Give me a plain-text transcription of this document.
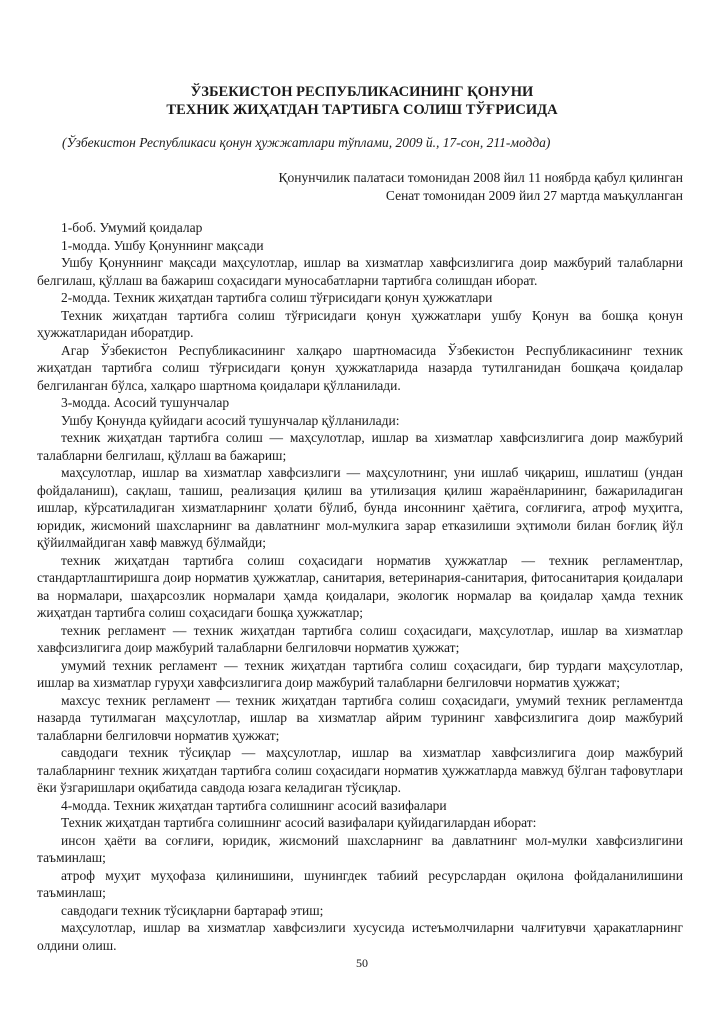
ЎЗБЕКИСТОН РЕСПУБЛИКАСИНИНГ ҚОНУНИ
ТЕХНИК ЖИҲАТДАН ТАРТИБГА СОЛИШ ТЎҒРИСИДА
(Ўзбекистон Республикаси қонун ҳужжатлари тўплами, 2009 й., 17-сон, 211-модда)
Қонунчилик палатаси томонидан 2008 йил 11 ноябрда қабул қилинган
Сенат томонидан 2009 йил 27 мартда маъқулланган

1-боб. Умумий қоидалар

1-модда. Ушбу Қонуннинг мақсади

Ушбу Қонуннинг мақсади маҳсулотлар, ишлар ва хизматлар хавфсизлигига доир мажбурий талабларни белгилаш, қўллаш ва бажариш соҳасидаги муносабатларни тартибга солишдан иборат.

2-модда. Техник жиҳатдан тартибга солиш тўғрисидаги қонун ҳужжатлари

Техник жиҳатдан тартибга солиш тўғрисидаги қонун ҳужжатлари ушбу Қонун ва бошқа қонун ҳужжатларидан иборатдир.

Агар Ўзбекистон Республикасининг халқаро шартномасида Ўзбекистон Республикасининг техник жиҳатдан тартибга солиш тўғрисидаги қонун ҳужжатларида назарда тутилганидан бошқача қоидалар белгиланган бўлса, халқаро шартнома қоидалари қўлланилади.

3-модда. Асосий тушунчалар

Ушбу Қонунда қуйидаги асосий тушунчалар қўлланилади:

техник жиҳатдан тартибга солиш — маҳсулотлар, ишлар ва хизматлар хавфсизлигига доир мажбурий талабларни белгилаш, қўллаш ва бажариш;

маҳсулотлар, ишлар ва хизматлар хавфсизлиги — маҳсулотнинг, уни ишлаб чиқариш, ишлатиш (ундан фойдаланиш), сақлаш, ташиш, реализация қилиш ва утилизация қилиш жараёнларининг, бажариладиган ишлар, кўрсатиладиган хизматларнинг ҳолати бўлиб, бунда инсоннинг ҳаётига, соғлиғига, атроф муҳитга, юридик, жисмоний шахсларнинг ва давлатнинг мол-мулкига зарар етказилиши эҳтимоли билан боғлиқ йўл қўйилмайдиган хавф мавжуд бўлмайди;

техник жиҳатдан тартибга солиш соҳасидаги норматив ҳужжатлар — техник регламентлар, стандартлаштиришга доир норматив ҳужжатлар, санитария, ветеринария-санитария, фитосанитария қоидалари ва нормалари, шаҳарсозлик нормалари ҳамда қоидалари, экологик нормалар ва қоидалар ҳамда техник жиҳатдан тартибга солиш соҳасидаги бошқа ҳужжатлар;

техник регламент — техник жиҳатдан тартибга солиш соҳасидаги, маҳсулотлар, ишлар ва хизматлар хавфсизлигига доир мажбурий талабларни белгиловчи норматив ҳужжат;

умумий техник регламент — техник жиҳатдан тартибга солиш соҳасидаги, бир турдаги маҳсулотлар, ишлар ва хизматлар гуруҳи хавфсизлигига доир мажбурий талабларни белгиловчи норматив ҳужжат;

махсус техник регламент — техник жиҳатдан тартибга солиш соҳасидаги, умумий техник регламентда назарда тутилмаган маҳсулотлар, ишлар ва хизматлар айрим турининг хавфсизлигига доир мажбурий талабларни белгиловчи норматив ҳужжат;

савдодаги техник тўсиқлар — маҳсулотлар, ишлар ва хизматлар хавфсизлигига доир мажбурий талабларнинг техник жиҳатдан тартибга солиш соҳасидаги норматив ҳужжатларда мавжуд бўлган тафовутлари ёки ўзгаришлари оқибатида савдода юзага келадиган тўсиқлар.

4-модда. Техник жиҳатдан тартибга солишнинг асосий вазифалари

Техник жиҳатдан тартибга солишнинг асосий вазифалари қуйидагилардан иборат:

инсон ҳаёти ва соғлиғи, юридик, жисмоний шахсларнинг ва давлатнинг мол-мулки хавфсизлигини таъминлаш;

атроф муҳит муҳофаза қилинишини, шунингдек табиий ресурслардан оқилона фойдаланилишини таъминлаш;

савдодаги техник тўсиқларни бартараф этиш;

маҳсулотлар, ишлар ва хизматлар хавфсизлиги хусусида истеъмолчиларни чалғитувчи ҳаракатларнинг олдини олиш.

50
